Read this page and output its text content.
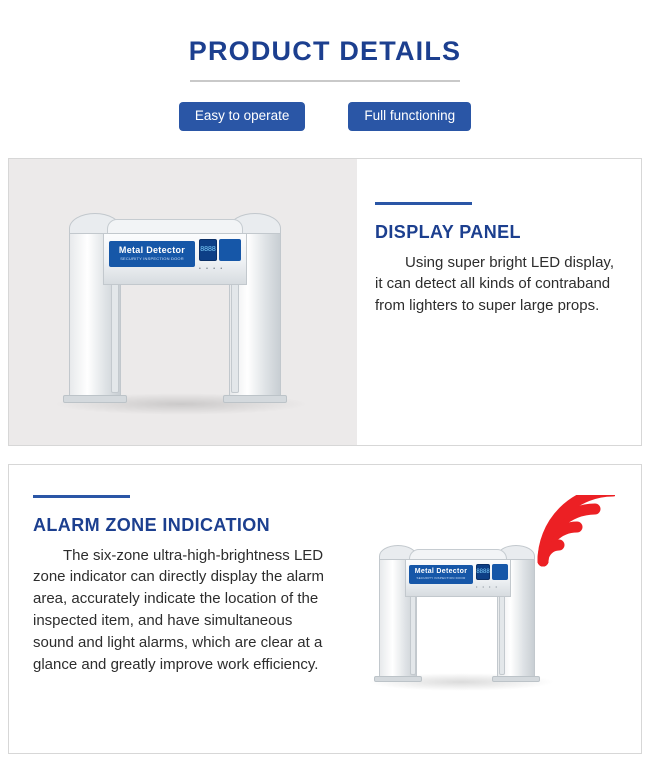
PRODUCT DETAILS
Easy to operate	Full functioning
Metal Detector
SECURITY INSPECTION DOOR
8888
• • • •
DISPLAY PANEL

Using super bright LED display, it can detect all kinds of contraband from lighters to super large props.

ALARM ZONE INDICATION

The six-zone ultra-high-brightness LED zone indicator can directly display the alarm area, accurately indicate the location of the inspected item, and have simultaneous sound and light alarms, which are clear at a glance and greatly improve work efficiency.

Metal Detector
SECURITY INSPECTION DOOR
8888
• • • •
